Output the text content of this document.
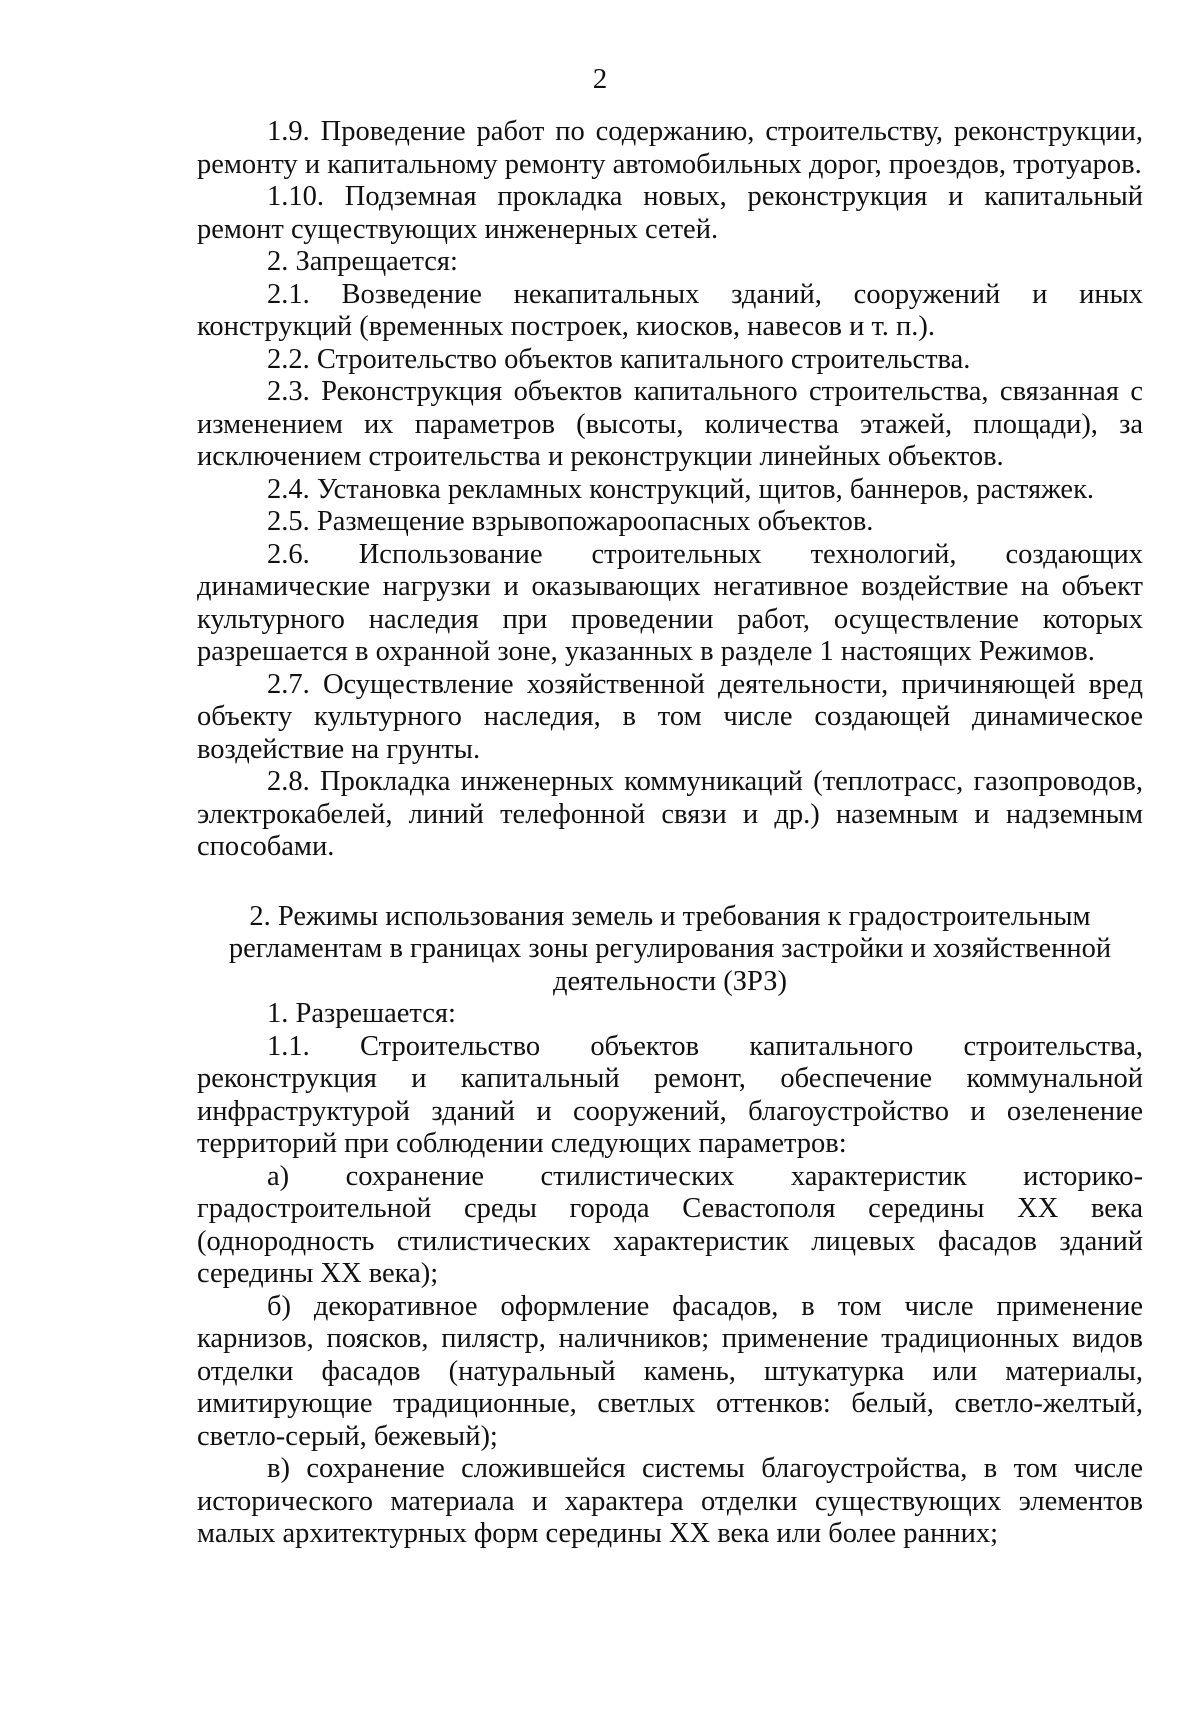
2

1.9. Проведение работ по содержанию, строительству, реконструкции, ремонту и капитальному ремонту автомобильных дорог, проездов, тротуаров.

1.10. Подземная прокладка новых, реконструкция и капитальный ремонт существующих инженерных сетей.

2. Запрещается:

2.1. Возведение некапитальных зданий, сооружений и иных конструкций (временных построек, киосков, навесов и т. п.).

2.2. Строительство объектов капитального строительства.

2.3. Реконструкция объектов капитального строительства, связанная с изменением их параметров (высоты, количества этажей, площади), за исключением строительства и реконструкции линейных объектов.

2.4. Установка рекламных конструкций, щитов, баннеров, растяжек.

2.5. Размещение взрывопожароопасных объектов.

2.6. Использование строительных технологий, создающих динамические нагрузки и оказывающих негативное воздействие на объект культурного наследия при проведении работ, осуществление которых разрешается в охранной зоне, указанных в разделе 1 настоящих Режимов.

2.7. Осуществление хозяйственной деятельности, причиняющей вред объекту культурного наследия, в том числе создающей динамическое воздействие на грунты.

2.8. Прокладка инженерных коммуникаций (теплотрасс, газопроводов, электрокабелей, линий телефонной связи и др.) наземным и надземным способами.

2. Режимы использования земель и требования к градостроительным
регламентам в границах зоны регулирования застройки и хозяйственной
деятельности (ЗРЗ)

1. Разрешается:

1.1. Строительство объектов капитального строительства, реконструкция и капитальный ремонт, обеспечение коммунальной инфраструктурой зданий и сооружений, благоустройство и озеленение территорий при соблюдении следующих параметров:

а) сохранение стилистических характеристик историко-градостроительной среды города Севастополя середины XX века (однородность стилистических характеристик лицевых фасадов зданий середины XX века);

б) декоративное оформление фасадов, в том числе применение карнизов, поясков, пилястр, наличников; применение традиционных видов отделки фасадов (натуральный камень, штукатурка или материалы, имитирующие традиционные, светлых оттенков: белый, светло-желтый, светло-серый, бежевый);

в) сохранение сложившейся системы благоустройства, в том числе исторического материала и характера отделки существующих элементов малых архитектурных форм середины XX века или более ранних;
